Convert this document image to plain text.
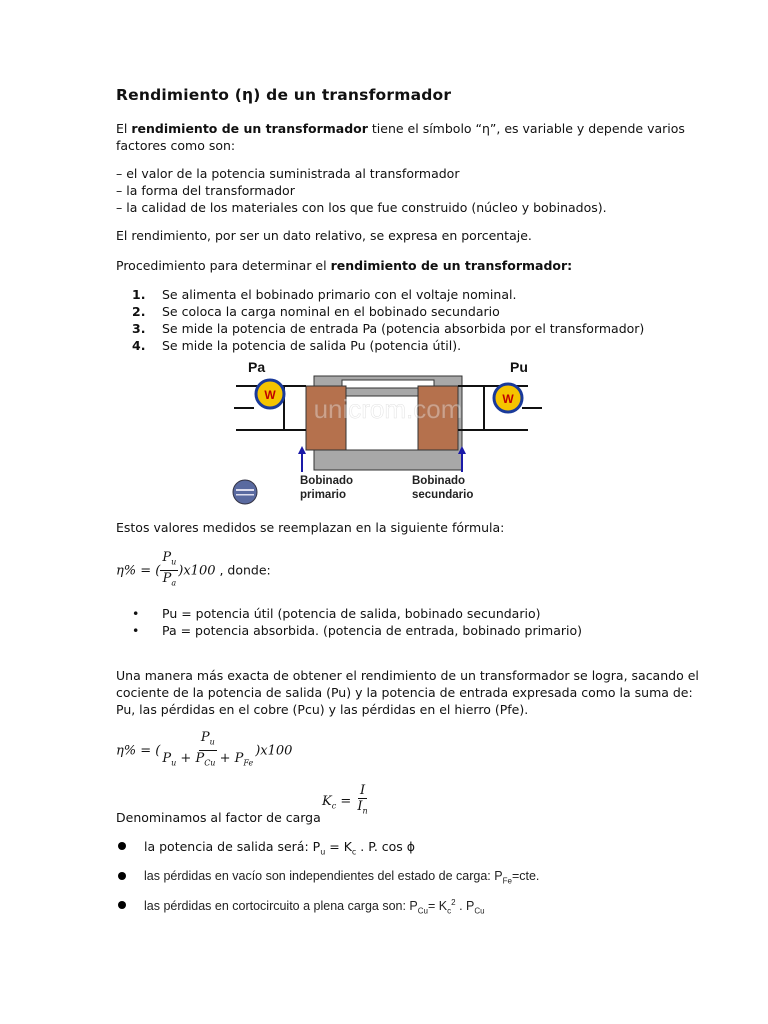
Rendimiento (η) de un transformador
El rendimiento de un transformador tiene el símbolo “η”, es variable y depende varios
factores como son:
– el valor de la potencia suministrada al transformador
– la forma del transformador
– la calidad de los materiales con los que fue construido (núcleo y bobinados).
El rendimiento, por ser un dato relativo, se expresa en porcentaje.
Procedimiento para determinar el rendimiento de un transformador:
1. Se alimenta el bobinado primario con el voltaje nominal.
2. Se coloca la carga nominal en el bobinado secundario
3. Se mide la potencia de entrada Pa (potencia absorbida por el transformador)
4. Se mide la potencia de salida Pu (potencia útil).
W	W
Pa	Pu
Bobinado
primario
Bobinado
secundario
unicrom.com
Estos valores medidos se reemplazan en la siguiente fórmula:
η% = ( $\frac{P_u}{P_a} )x100$ , donde:
• Pu = potencia útil (potencia de salida, bobinado secundario)
• Pa = potencia absorbida. (potencia de entrada, bobinado primario)
Una manera más exacta de obtener el rendimiento de un transformador se logra, sacando el
cociente de la potencia de salida (Pu) y la potencia de entrada expresada como la suma de:
Pu, las pérdidas en el cobre (Pcu) y las pérdidas en el hierro (Pfe).
η% = ( $\frac{P_u}{P_u + P_{Cu} + P_{Fe}} )x100$
$K_c = \frac{I}{I_n}$
Denominamos al factor de carga
la potencia de salida será: $P_u = K_c$ . P. cos ϕ
las pérdidas en vacío son independientes del estado de carga: $P_{Fe}=cte$.
las pérdidas en cortocircuito a plena carga son: $P_{Cu}= K_c^2$ . $P_{Cu}$
